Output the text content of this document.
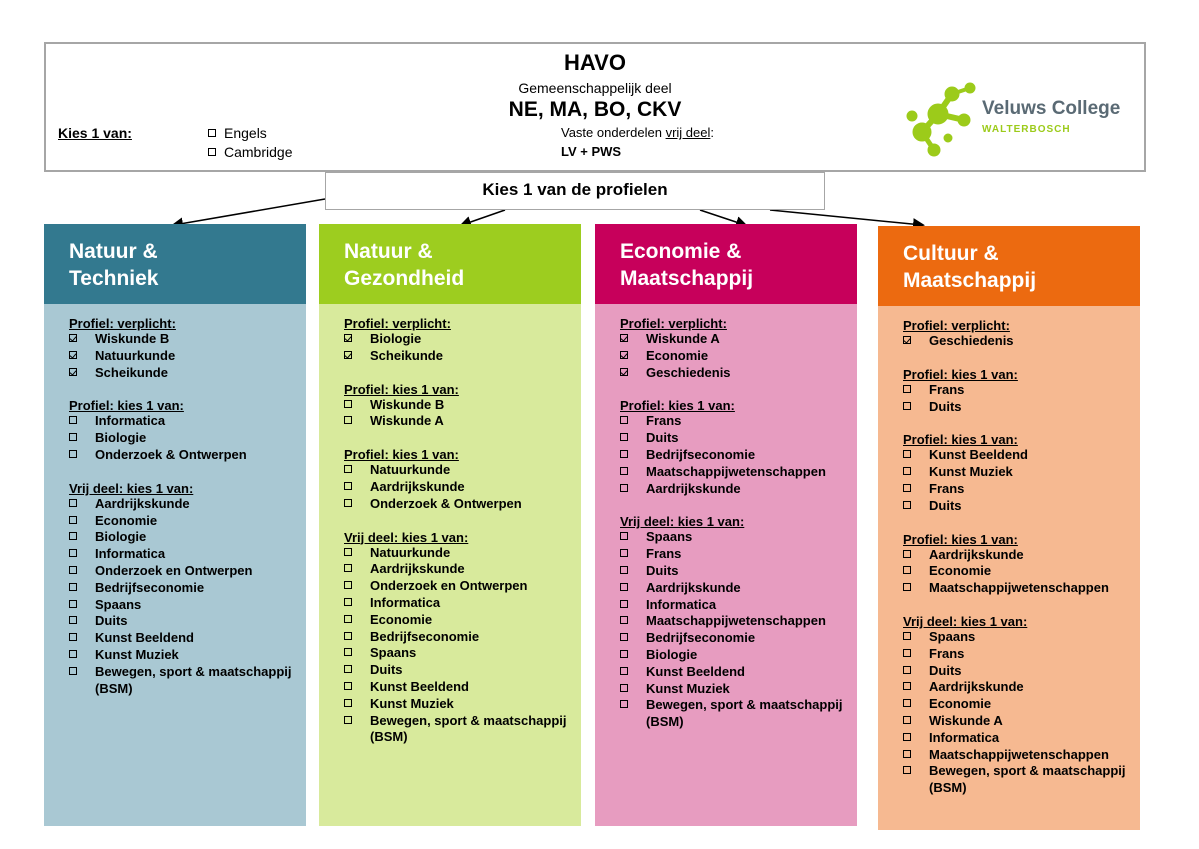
HAVO
Gemeenschappelijk deel
NE, MA, BO, CKV
Kies 1 van:	Engels
Cambridge
Vaste onderdelen vrij deel:
LV + PWS
Veluws College
WALTERBOSCH
Kies 1 van de profielen
Natuur &
Techniek
Profiel: verplicht:
Wiskunde B
Natuurkunde
Scheikunde
Profiel: kies 1 van:
Informatica
Biologie
Onderzoek & Ontwerpen
Vrij deel: kies 1 van:
Aardrijkskunde
Economie
Biologie
Informatica
Onderzoek en Ontwerpen
Bedrijfseconomie
Spaans
Duits
Kunst Beeldend
Kunst Muziek
Bewegen, sport & maatschappij (BSM)
Natuur &
Gezondheid
Profiel: verplicht:
Biologie
Scheikunde
Profiel: kies 1 van:
Wiskunde B
Wiskunde A
Profiel: kies 1 van:
Natuurkunde
Aardrijkskunde
Onderzoek & Ontwerpen
Vrij deel: kies 1 van:
Natuurkunde
Aardrijkskunde
Onderzoek en Ontwerpen
Informatica
Economie
Bedrijfseconomie
Spaans
Duits
Kunst Beeldend
Kunst Muziek
Bewegen, sport & maatschappij (BSM)
Economie &
Maatschappij
Profiel: verplicht:
Wiskunde A
Economie
Geschiedenis
Profiel: kies 1 van:
Frans
Duits
Bedrijfseconomie
Maatschappijwetenschappen
Aardrijkskunde
Vrij deel: kies 1 van:
Spaans
Frans
Duits
Aardrijkskunde
Informatica
Maatschappijwetenschappen
Bedrijfseconomie
Biologie
Kunst Beeldend
Kunst Muziek
Bewegen, sport & maatschappij (BSM)
Cultuur &
Maatschappij
Profiel: verplicht:
Geschiedenis
Profiel: kies 1 van:
Frans
Duits
Profiel: kies 1 van:
Kunst Beeldend
Kunst Muziek
Frans
Duits
Profiel: kies 1 van:
Aardrijkskunde
Economie
Maatschappijwetenschappen
Vrij deel: kies 1 van:
Spaans
Frans
Duits
Aardrijkskunde
Economie
Wiskunde A
Informatica
Maatschappijwetenschappen
Bewegen, sport & maatschappij (BSM)
